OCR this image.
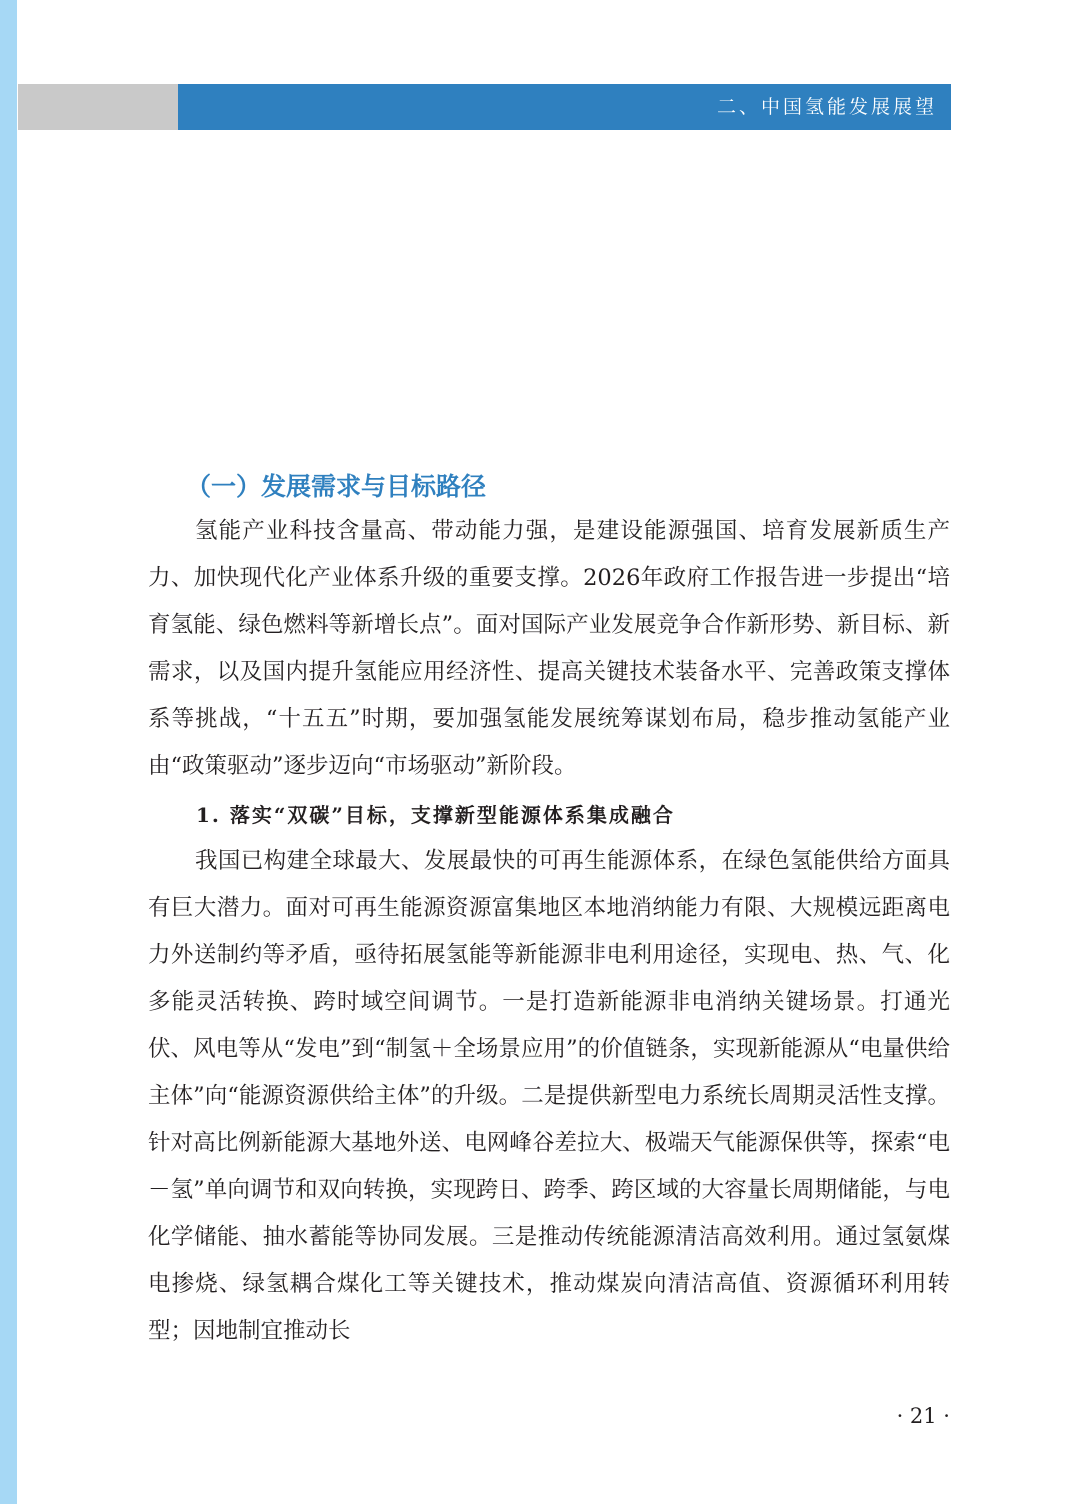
二、中国氢能发展展望
（一）发展需求与目标路径

氢能产业科技含量高、带动能力强，是建设能源强国、培育发展新质生产力、加快现代化产业体系升级的重要支撑。2026年政府工作报告进一步提出“培育氢能、绿色燃料等新增长点”。面对国际产业发展竞争合作新形势、新目标、新需求，以及国内提升氢能应用经济性、提高关键技术装备水平、完善政策支撑体系等挑战，“十五五”时期，要加强氢能发展统筹谋划布局，稳步推动氢能产业由“政策驱动”逐步迈向“市场驱动”新阶段。

1. 落实“双碳”目标，支撑新型能源体系集成融合

我国已构建全球最大、发展最快的可再生能源体系，在绿色氢能供给方面具有巨大潜力。面对可再生能源资源富集地区本地消纳能力有限、大规模远距离电力外送制约等矛盾，亟待拓展氢能等新能源非电利用途径，实现电、热、气、化多能灵活转换、跨时域空间调节。一是打造新能源非电消纳关键场景。打通光伏、风电等从“发电”到“制氢＋全场景应用”的价值链条，实现新能源从“电量供给主体”向“能源资源供给主体”的升级。二是提供新型电力系统长周期灵活性支撑。针对高比例新能源大基地外送、电网峰谷差拉大、极端天气能源保供等，探索“电－氢”单向调节和双向转换，实现跨日、跨季、跨区域的大容量长周期储能，与电化学储能、抽水蓄能等协同发展。三是推动传统能源清洁高效利用。通过氢氨煤电掺烧、绿氢耦合煤化工等关键技术，推动煤炭向清洁高值、资源循环利用转型；因地制宜推动长

· 21 ·
